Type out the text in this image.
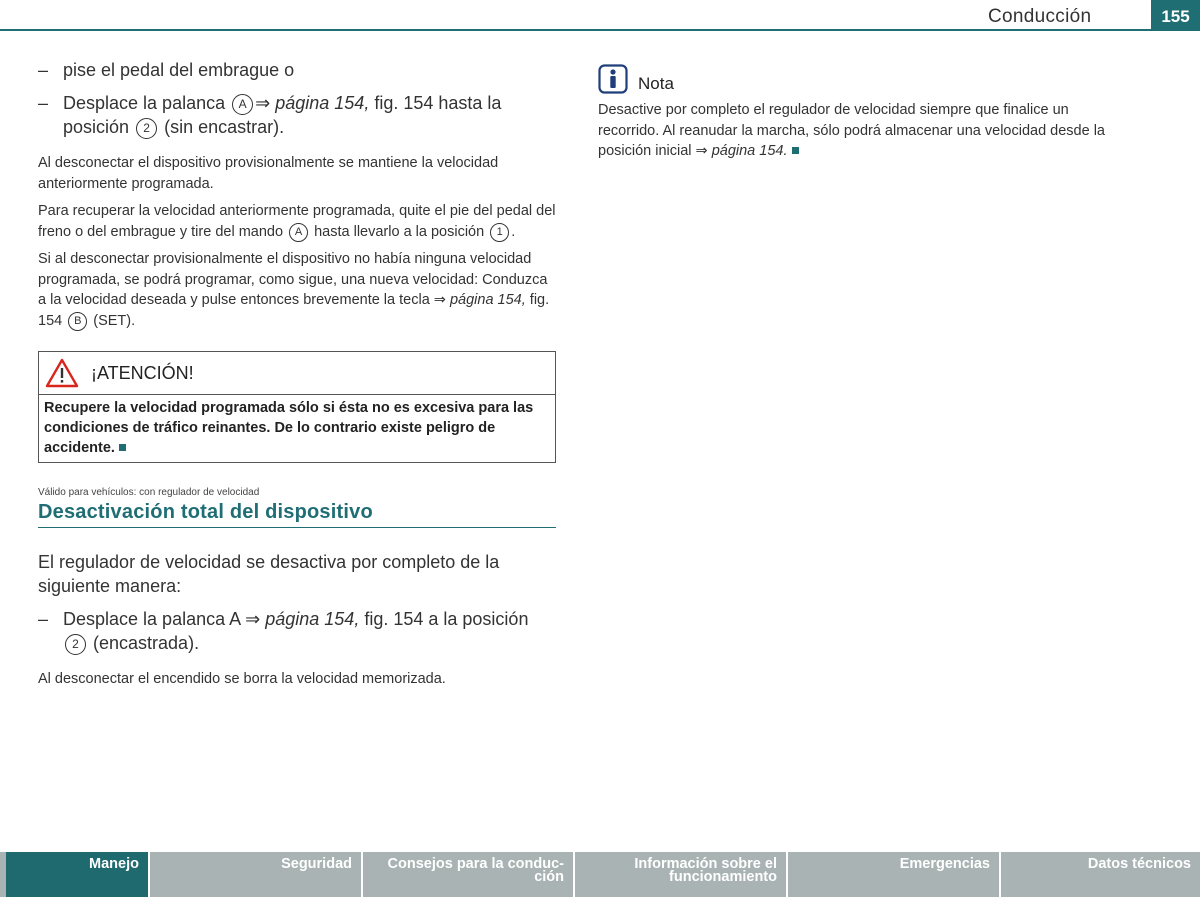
Conducción	155
– pise el pedal del embrague o
– Desplace la palanca A ⇒ página 154, fig. 154 hasta la posición 2 (sin encastrar).

Al desconectar el dispositivo provisionalmente se mantiene la velocidad anteriormente programada.

Para recuperar la velocidad anteriormente programada, quite el pie del pedal del freno o del embrague y tire del mando A hasta llevarlo a la posición 1 .

Si al desconectar provisionalmente el dispositivo no había ninguna velocidad programada, se podrá programar, como sigue, una nueva velocidad: Conduzca a la velocidad deseada y pulse entonces brevemente la tecla ⇒ página 154, fig. 154 B (SET).

¡ATENCIÓN!
Recupere la velocidad programada sólo si ésta no es excesiva para las condiciones de tráfico reinantes. De lo contrario existe peligro de accidente.
Válido para vehículos: con regulador de velocidad
Desactivación total del dispositivo

El regulador de velocidad se desactiva por completo de la siguiente manera:

– Desplace la palanca A ⇒ página 154, fig. 154 a la posición 2 (encastrada).

Al desconectar el encendido se borra la velocidad memorizada.

Nota

Desactive por completo el regulador de velocidad siempre que finalice un recorrido. Al reanudar la marcha, sólo podrá almacenar una velocidad desde la posición inicial ⇒ página 154.

Manejo	Seguridad	Consejos para la conduc-
ción
Información sobre el
funcionamiento
Emergencias	Datos técnicos
